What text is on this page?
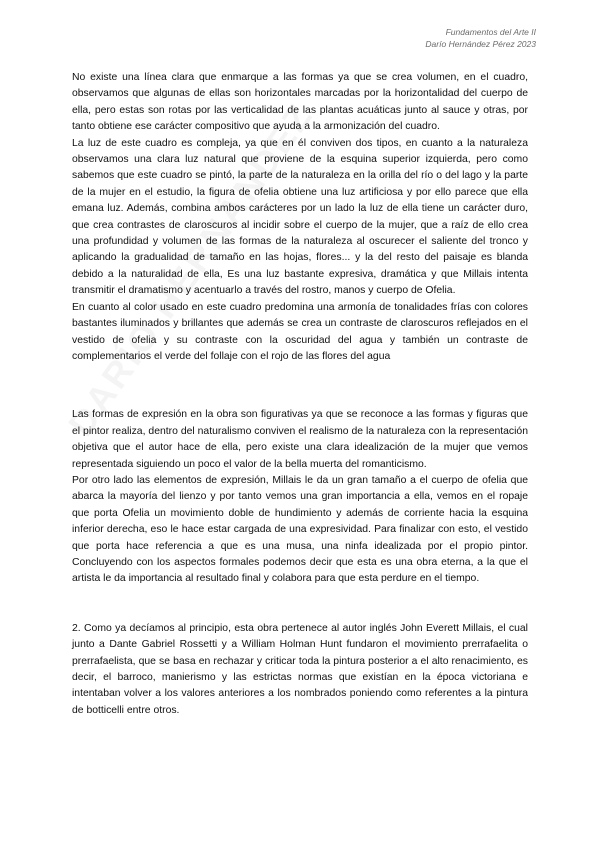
Fundamentos del Arte II
Darío Hernández Pérez 2023

No existe una línea clara que enmarque a las formas ya que se crea volumen, en el cuadro, observamos que algunas de ellas son horizontales marcadas por la horizontalidad del cuerpo de ella, pero estas son rotas por las verticalidad de las plantas acuáticas junto al sauce y otras, por tanto obtiene ese carácter compositivo que ayuda a la armonización del cuadro.

La luz de este cuadro es compleja, ya que en él conviven dos tipos, en cuanto a la naturaleza observamos una clara luz natural que proviene de la esquina superior izquierda, pero como sabemos que este cuadro se pintó, la parte de la naturaleza en la orilla del río o del lago y la parte de la mujer en el estudio, la figura de ofelia obtiene una luz artificiosa y por ello parece que ella emana luz. Además, combina ambos carácteres por un lado la luz de ella tiene un carácter duro, que crea contrastes de claroscuros al incidir sobre el cuerpo de la mujer, que a raíz de ello crea una profundidad y volumen de las formas de la naturaleza al oscurecer el saliente del tronco y aplicando la gradualidad de tamaño en las hojas, flores... y la del resto del paisaje es blanda debido a la naturalidad de ella, Es una luz bastante expresiva, dramática y que Millais intenta transmitir el dramatismo y acentuarlo a través del rostro, manos y cuerpo de Ofelia.

En cuanto al color usado en este cuadro predomina una armonía de tonalidades frías con colores bastantes iluminados y brillantes que además se crea un contraste de claroscuros reflejados en el vestido de ofelia y su contraste con la oscuridad del agua y también un contraste de complementarios el verde del follaje con el rojo de las flores del agua

Las formas de expresión en la obra son figurativas ya que se reconoce a las formas y figuras que el pintor realiza, dentro del naturalismo conviven el realismo de la naturaleza con la representación objetiva que el autor hace de ella, pero existe una clara idealización de la mujer que vemos representada siguiendo un poco el valor de la bella muerta del romanticismo.

Por otro lado las elementos de expresión, Millais le da un gran tamaño a el cuerpo de ofelia que abarca la mayoría del lienzo y por tanto vemos una gran importancia a ella, vemos en el ropaje que porta Ofelia un movimiento doble de hundimiento y además de corriente hacia la esquina inferior derecha, eso le hace estar cargada de una expresividad. Para finalizar con esto, el vestido que porta hace referencia a que es una musa, una ninfa idealizada por el propio pintor. Concluyendo con los aspectos formales podemos decir que esta es una obra eterna, a la que el artista le da importancia al resultado final y colabora para que esta perdure en el tiempo.

2. Como ya decíamos al principio, esta obra pertenece al autor inglés John Everett Millais, el cual junto a Dante Gabriel Rossetti y a William Holman Hunt fundaron el movimiento prerrafaelita o prerrafaelista, que se basa en rechazar y criticar toda la pintura posterior a el alto renacimiento, es decir, el barroco, manierismo y las estrictas normas que existían en la época victoriana e intentaban volver a los valores anteriores a los nombrados poniendo como referentes a la pintura de botticelli entre otros.
